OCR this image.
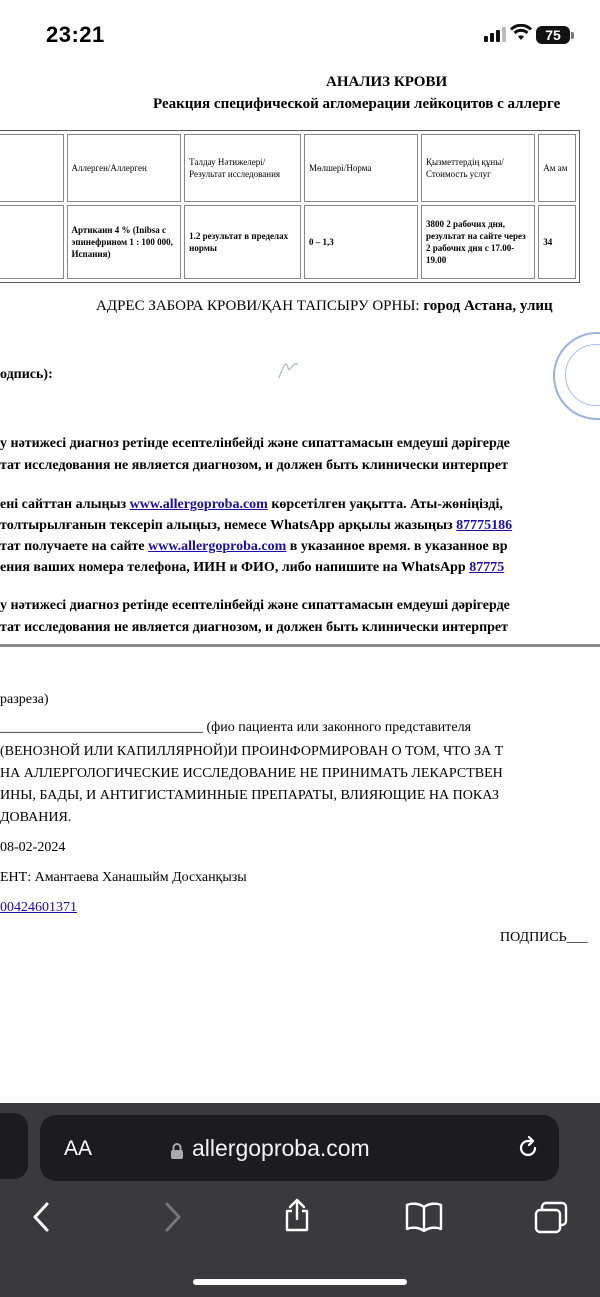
23:21	75
АНАЛИЗ КРОВИ
Реакция специфической агломерации лейкоцитов с аллерге
	Аллерген/Аллерген	Талдау Нәтижелері/ Результат исследования	Мөлшері/Норма	Қызметтердің құны/ Стоимость услуг	Ам ам
	Артикаин 4 % (Inibsa с эпинефрином 1 : 100 000, Испания)	1.2 результат в пределах нормы	0 – 1,3	3800 2 рабочих дня, результат на сайте через 2 рабочих дня с 17.00-19.00	34
АДРЕС ЗАБОРА КРОВИ/ҚАН ТАПСЫРУ ОРНЫ: город Астана, улиц
одпись):
у нәтижесі диагноз ретінде есептелінбейді және сипаттамасын емдеуші дәрігерде
тат исследования не является диагнозом, и должен быть клинически интерпрет
ені сайттан алыңыз www.allergoproba.com көрсетілген уақытта. Аты-жөніңізді,
толтырылғанын тексеріп алыңыз, немесе WhatsApp арқылы жазыңыз 87775186
тат получаете на сайте www.allergoproba.com в указанное время. в указанное вр
ения ваших номера телефона, ИИН и ФИО, либо напишите на WhatsApp 87775
у нәтижесі диагноз ретінде есептелінбейді және сипаттамасын емдеуші дәрігерде
тат исследования не является диагнозом, и должен быть клинически интерпрет
разреза)
_____________________________ (фио пациента или законного представителя
(ВЕНОЗНОЙ ИЛИ КАПИЛЛЯРНОЙ)И ПРОИНФОРМИРОВАН О ТОМ, ЧТО ЗА Т
НА АЛЛЕРГОЛОГИЧЕСКИЕ ИССЛЕДОВАНИЕ НЕ ПРИНИМАТЬ ЛЕКАРСТВЕН
ИНЫ, БАДЫ, И АНТИГИСТАМИННЫЕ ПРЕПАРАТЫ, ВЛИЯЮЩИЕ НА ПОКАЗ
ДОВАНИЯ.
08-02-2024
ЕНТ: Амантаева Ханашыйм Досханқызы
00424601371
ПОДПИСЬ___
AA	allergoproba.com
